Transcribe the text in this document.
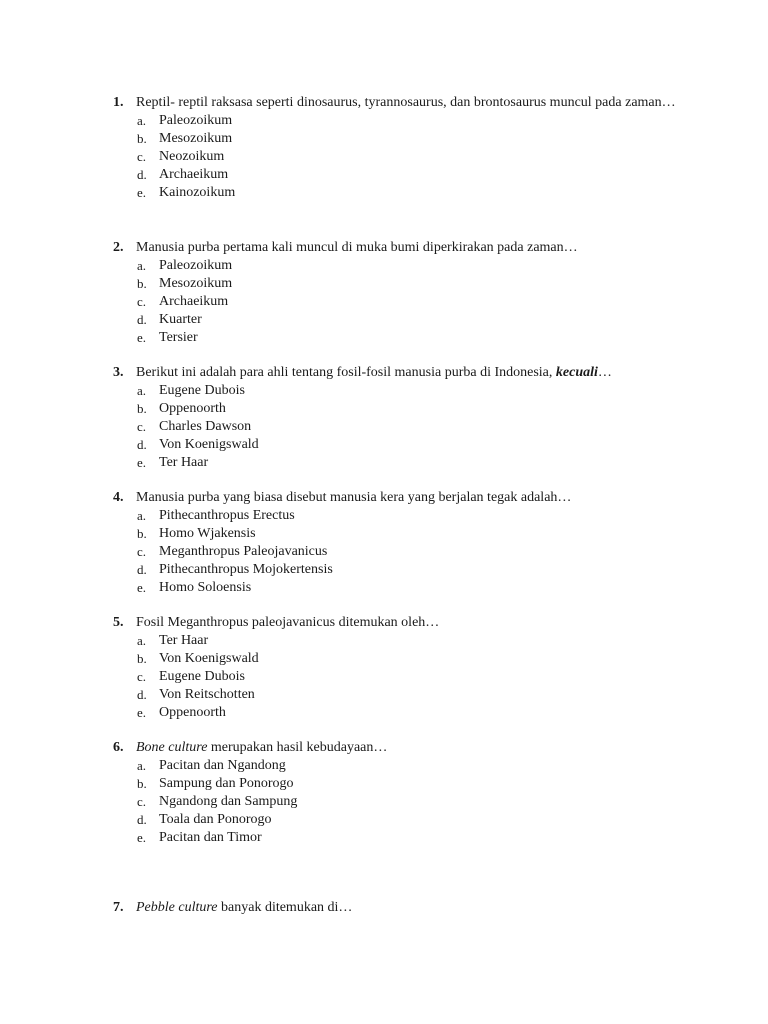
1. Reptil- reptil raksasa seperti dinosaurus, tyrannosaurus, dan brontosaurus muncul pada zaman…
a. Paleozoikum
b. Mesozoikum
c. Neozoikum
d. Archaeikum
e. Kainozoikum
2. Manusia purba pertama kali muncul di muka bumi diperkirakan pada zaman…
a. Paleozoikum
b. Mesozoikum
c. Archaeikum
d. Kuarter
e. Tersier
3. Berikut ini adalah para ahli tentang fosil-fosil manusia purba di Indonesia, kecuali…
a. Eugene Dubois
b. Oppenoorth
c. Charles Dawson
d. Von Koenigswald
e. Ter Haar
4. Manusia purba yang biasa disebut manusia kera yang berjalan tegak adalah…
a. Pithecanthropus Erectus
b. Homo Wjakensis
c. Meganthropus Paleojavanicus
d. Pithecanthropus Mojokertensis
e. Homo Soloensis
5. Fosil Meganthropus paleojavanicus ditemukan oleh…
a. Ter Haar
b. Von Koenigswald
c. Eugene Dubois
d. Von Reitschotten
e. Oppenoorth
6. Bone culture merupakan hasil kebudayaan…
a. Pacitan dan Ngandong
b. Sampung dan Ponorogo
c. Ngandong dan Sampung
d. Toala dan Ponorogo
e. Pacitan dan Timor
7. Pebble culture banyak ditemukan di…
